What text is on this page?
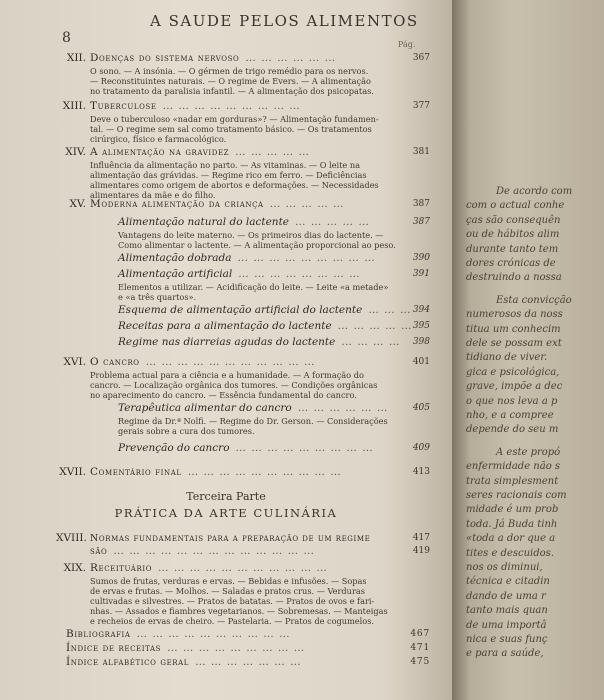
A SAUDE PELOS ALIMENTOS
8	Pág.
XII. Doenças do sistema nervoso … … … … … …	367
O sono. — A insónia. — O gérmen de trigo remédio para os nervos.
— Reconstituintes naturais. — O regime de Evers. — A alimentação
no tratamento da paralisia infantil. — A alimentação dos psicopatas.
XIII. Tuberculose … … … … … … … … …	377
Deve o tuberculoso «nadar em gorduras»? — Alimentação fundamen-
tal. — O regime sem sal como tratamento básico. — Os tratamentos
cirúrgico, físico e farmacológico.
XIV. A alimentação na gravidez … … … … …	381
Influência da alimentação no parto. — As vitaminas. — O leite na
alimentação das grávidas. — Regime rico em ferro. — Deficiências
alimentares como origem de abortos e deformações. — Necessidades
alimentares da mãe e do filho.
XV. Moderna alimentação da criança … … … … …	387
Alimentação natural do lactente … … … … …	387
Vantagens do leite materno. — Os primeiros dias do lactente. —
Como alimentar o lactente. — A alimentação proporcional ao peso.
Alimentação dobrada … … … … … … … … …	390
Alimentação artificial … … … … … … … …	391
Elementos a utilizar. — Acidificação do leite. — Leite «a metade»
e «a três quartos».
Esquema de alimentação artificial do lactente … … … 394
Receitas para a alimentação do lactente … … … … … 395
Regime nas diarreias agudas do lactente … … … … 398
XVI. O cancro … … … … … … … … … … …	401
Problema actual para a ciência e a humanidade. — A formação do
cancro. — Localização orgânica dos tumores. — Condições orgânicas
no aparecimento do cancro. — Essência fundamental do cancro.
Terapêutica alimentar do cancro … … … … … …	405
Regime da Dr.ª Nolfi. — Regime do Dr. Gerson. — Considerações
gerais sobre a cura dos tumores.
Prevenção do cancro … … … … … … … … …	409
XVII. Comentário final … … … … … … … … … …	413
Terceira Parte
PRÁTICA DA ARTE CULINÁRIA
XVIII. Normas fundamentais para a preparação de um regime	417
são … … … … … … … … … … … … …	419
XIX. Receituário … … … … … … … … … … …
Sumos de frutas, verduras e ervas. — Bebidas e infusões. — Sopas
de ervas e frutas. — Molhos. — Saladas e pratos crus. — Verduras
cultivadas e silvestres. — Pratos de batatas. — Pratos de ovos e fari-
nhas. — Assados e fiambres vegetarianos. — Sobremesas. — Manteigas
e recheios de ervas de cheiro. — Pastelaria. — Pratos de cogumelos.
Bibliografia … … … … … … … … … …	467
Índice de receitas … … … … … … … … …	471
Índice alfabético geral … … … … … … …	475
De acordo com
com o actual conhe
ças são consequên
ou de hábitos alim
durante tanto tem
dores crónicas de
destruindo a nossa
Esta convicção
numerosos da noss
titua um conhecim
dele se possam ext
tidiano de viver.
gica e psicológica,
grave, impõe a dec
o que nos leva a p
nho, e a compree
depende do seu m
A este propó
enfermidade não s
trata simplesment
seres racionais com
midade é um prob
toda. Já Buda tinh
«toda a dor que a
tites e descuidos.
nos os diminui,
técnica e citadin
dando de uma r
tanto mais quan
de uma importâ
nica e suas funç
e para a saúde,
